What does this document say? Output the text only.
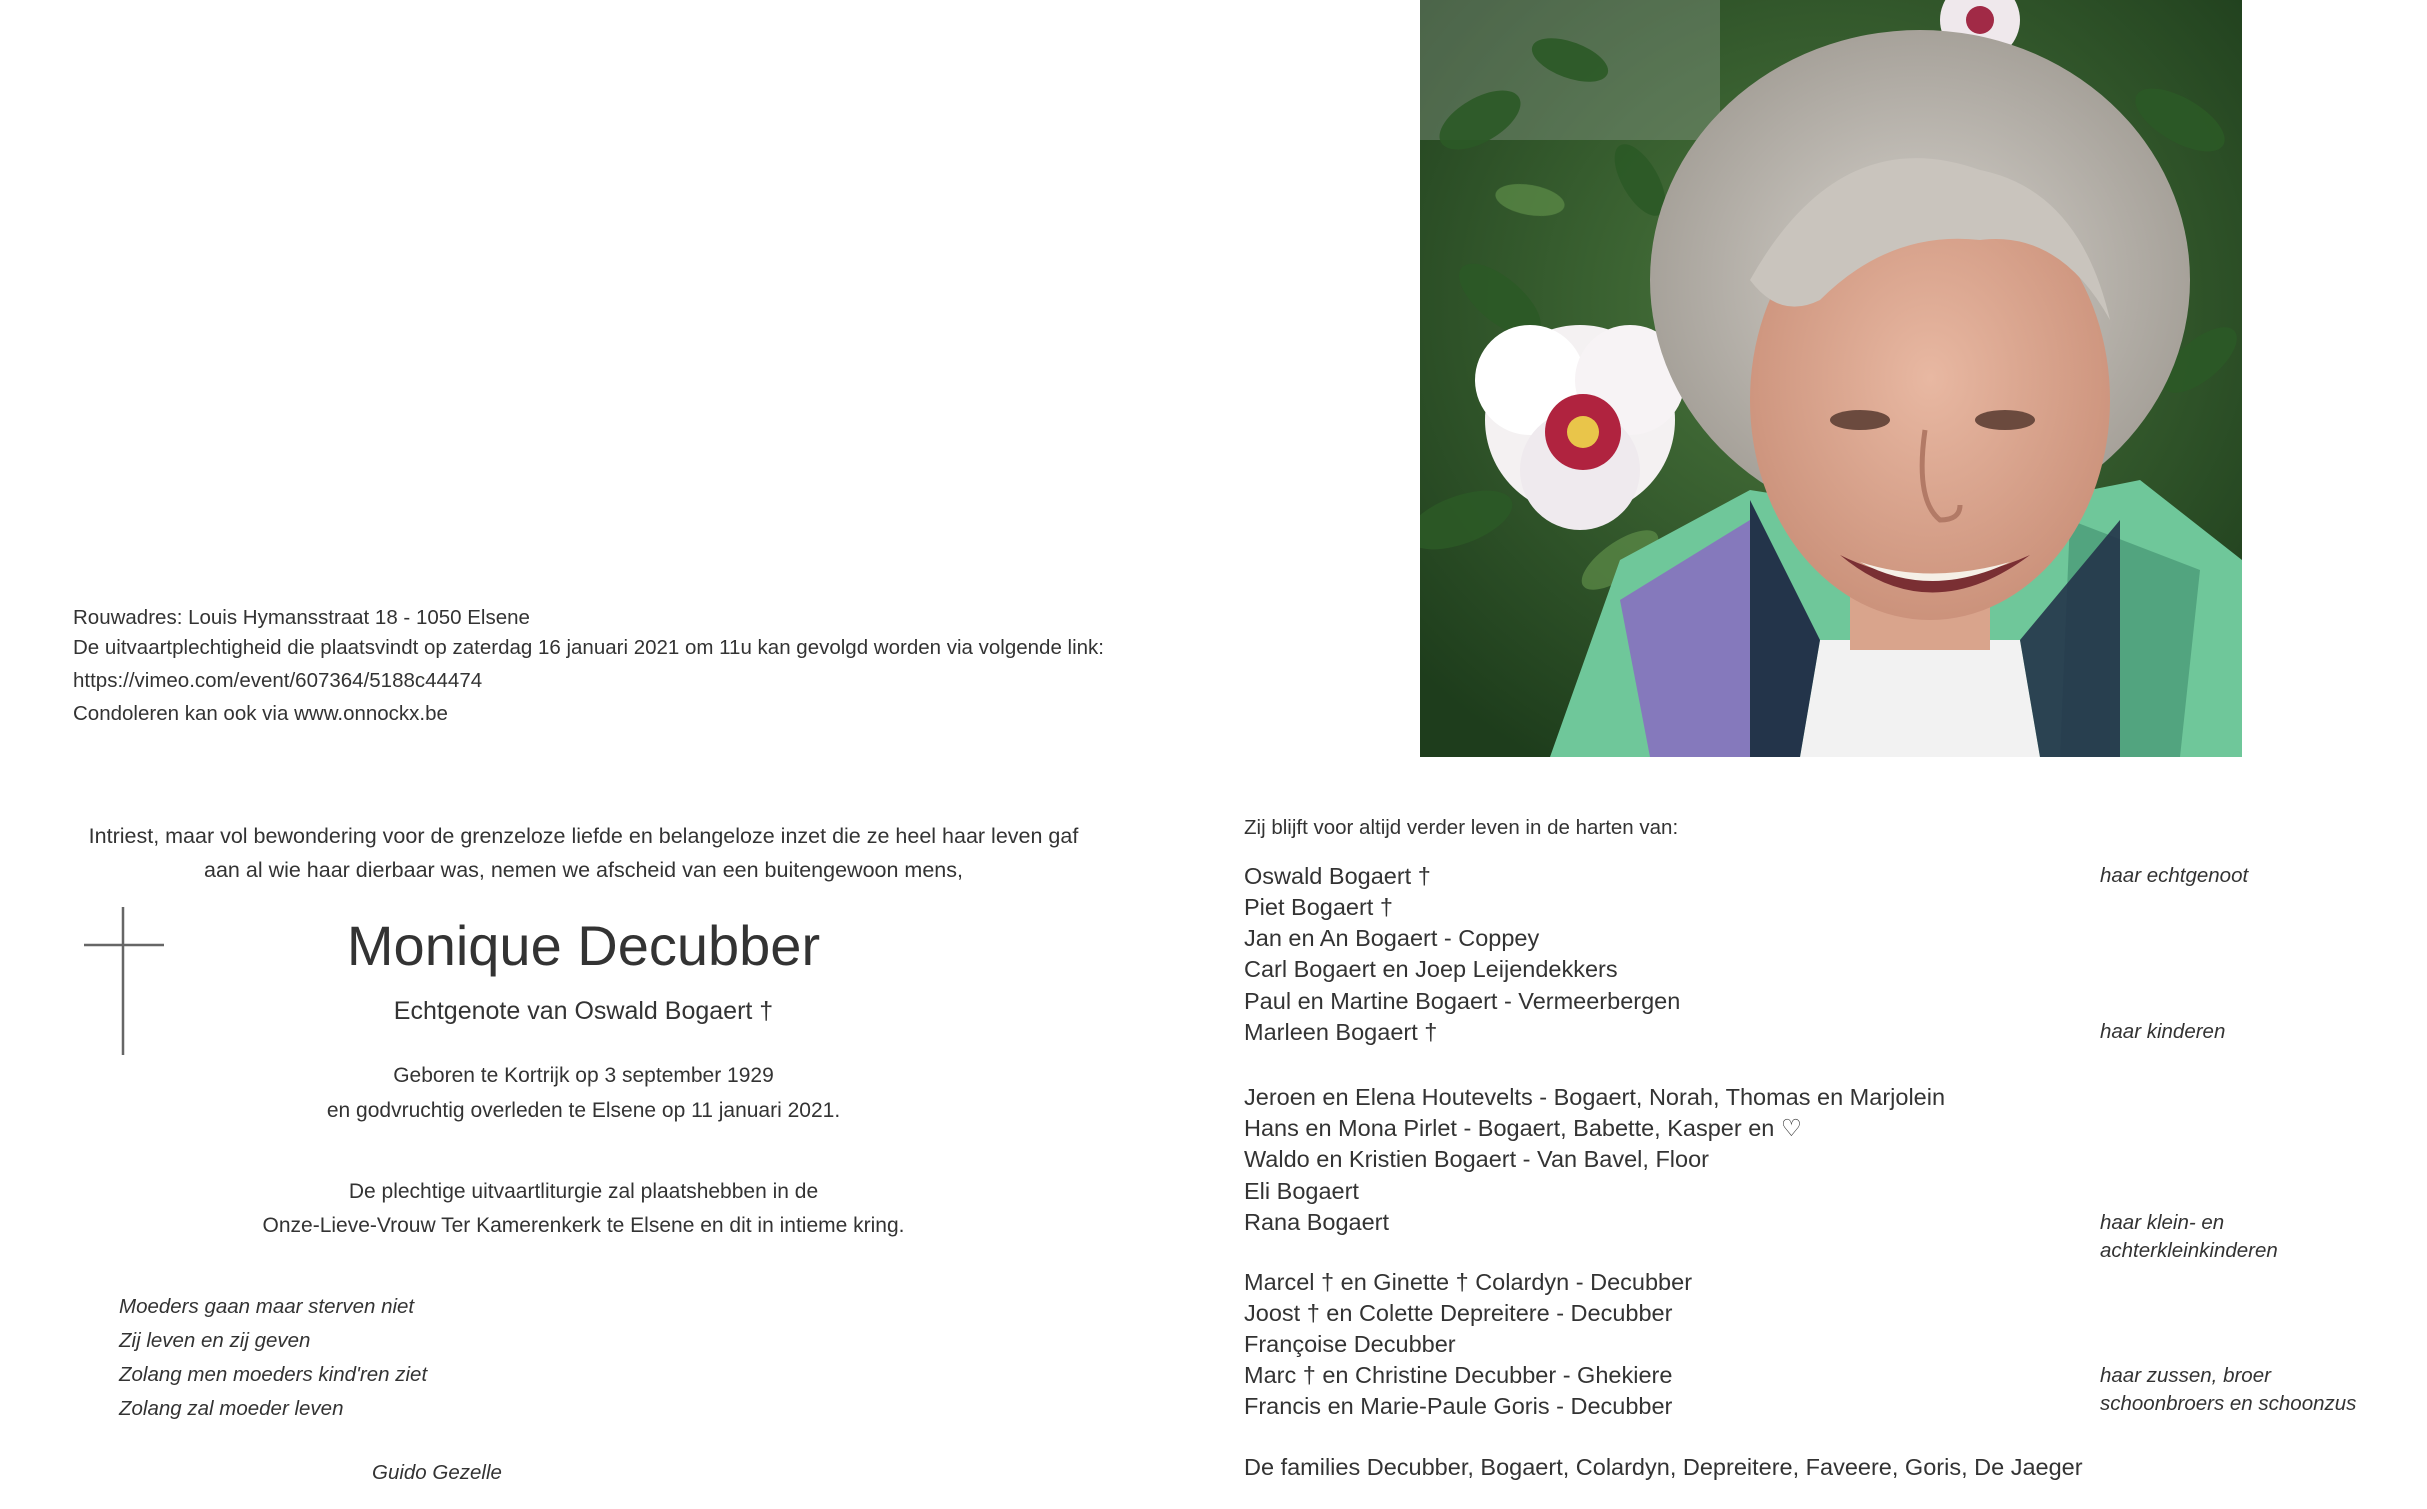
Rouwadres: Louis Hymansstraat 18 - 1050 Elsene

De uitvaartplechtigheid die plaatsvindt op zaterdag 16 januari 2021 om 11u kan gevolgd worden via volgende link:

https://vimeo.com/event/607364/5188c44474

Condoleren kan ook via www.onnockx.be

Intriest, maar vol bewondering voor de grenzeloze liefde en belangeloze inzet die ze heel haar leven gaf
aan al wie haar dierbaar was, nemen we afscheid van een buitengewoon mens,
Monique Decubber
Echtgenote van Oswald Bogaert †
Geboren te Kortrijk op 3 september 1929
en godvruchtig overleden te Elsene op 11 januari 2021.
De plechtige uitvaartliturgie zal plaatshebben in de
Onze-Lieve-Vrouw Ter Kamerenkerk te Elsene en dit in intieme kring.
Moeders gaan maar sterven niet
Zij leven en zij geven
Zolang men moeders kind'ren ziet
Zolang zal moeder leven
Guido Gezelle
Zij blijft voor altijd verder leven in de harten van:
Oswald Bogaert †
Piet Bogaert †
Jan en An Bogaert - Coppey
Carl Bogaert en Joep Leijendekkers
Paul en Martine Bogaert - Vermeerbergen
Marleen Bogaert †
Jeroen en Elena Houtevelts - Bogaert, Norah, Thomas en Marjolein
Hans en Mona Pirlet - Bogaert, Babette, Kasper en ♡
Waldo en Kristien Bogaert - Van Bavel, Floor
Eli Bogaert
Rana Bogaert
Marcel † en Ginette † Colardyn - Decubber
Joost † en Colette Depreitere - Decubber
Françoise Decubber
Marc † en Christine Decubber - Ghekiere
Francis en Marie-Paule Goris - Decubber
De families Decubber, Bogaert, Colardyn, Depreitere, Faveere, Goris, De Jaeger
haar echtgenoot
haar kinderen
haar klein- en
achterkleinkinderen
haar zussen, broer
schoonbroers en schoonzus
